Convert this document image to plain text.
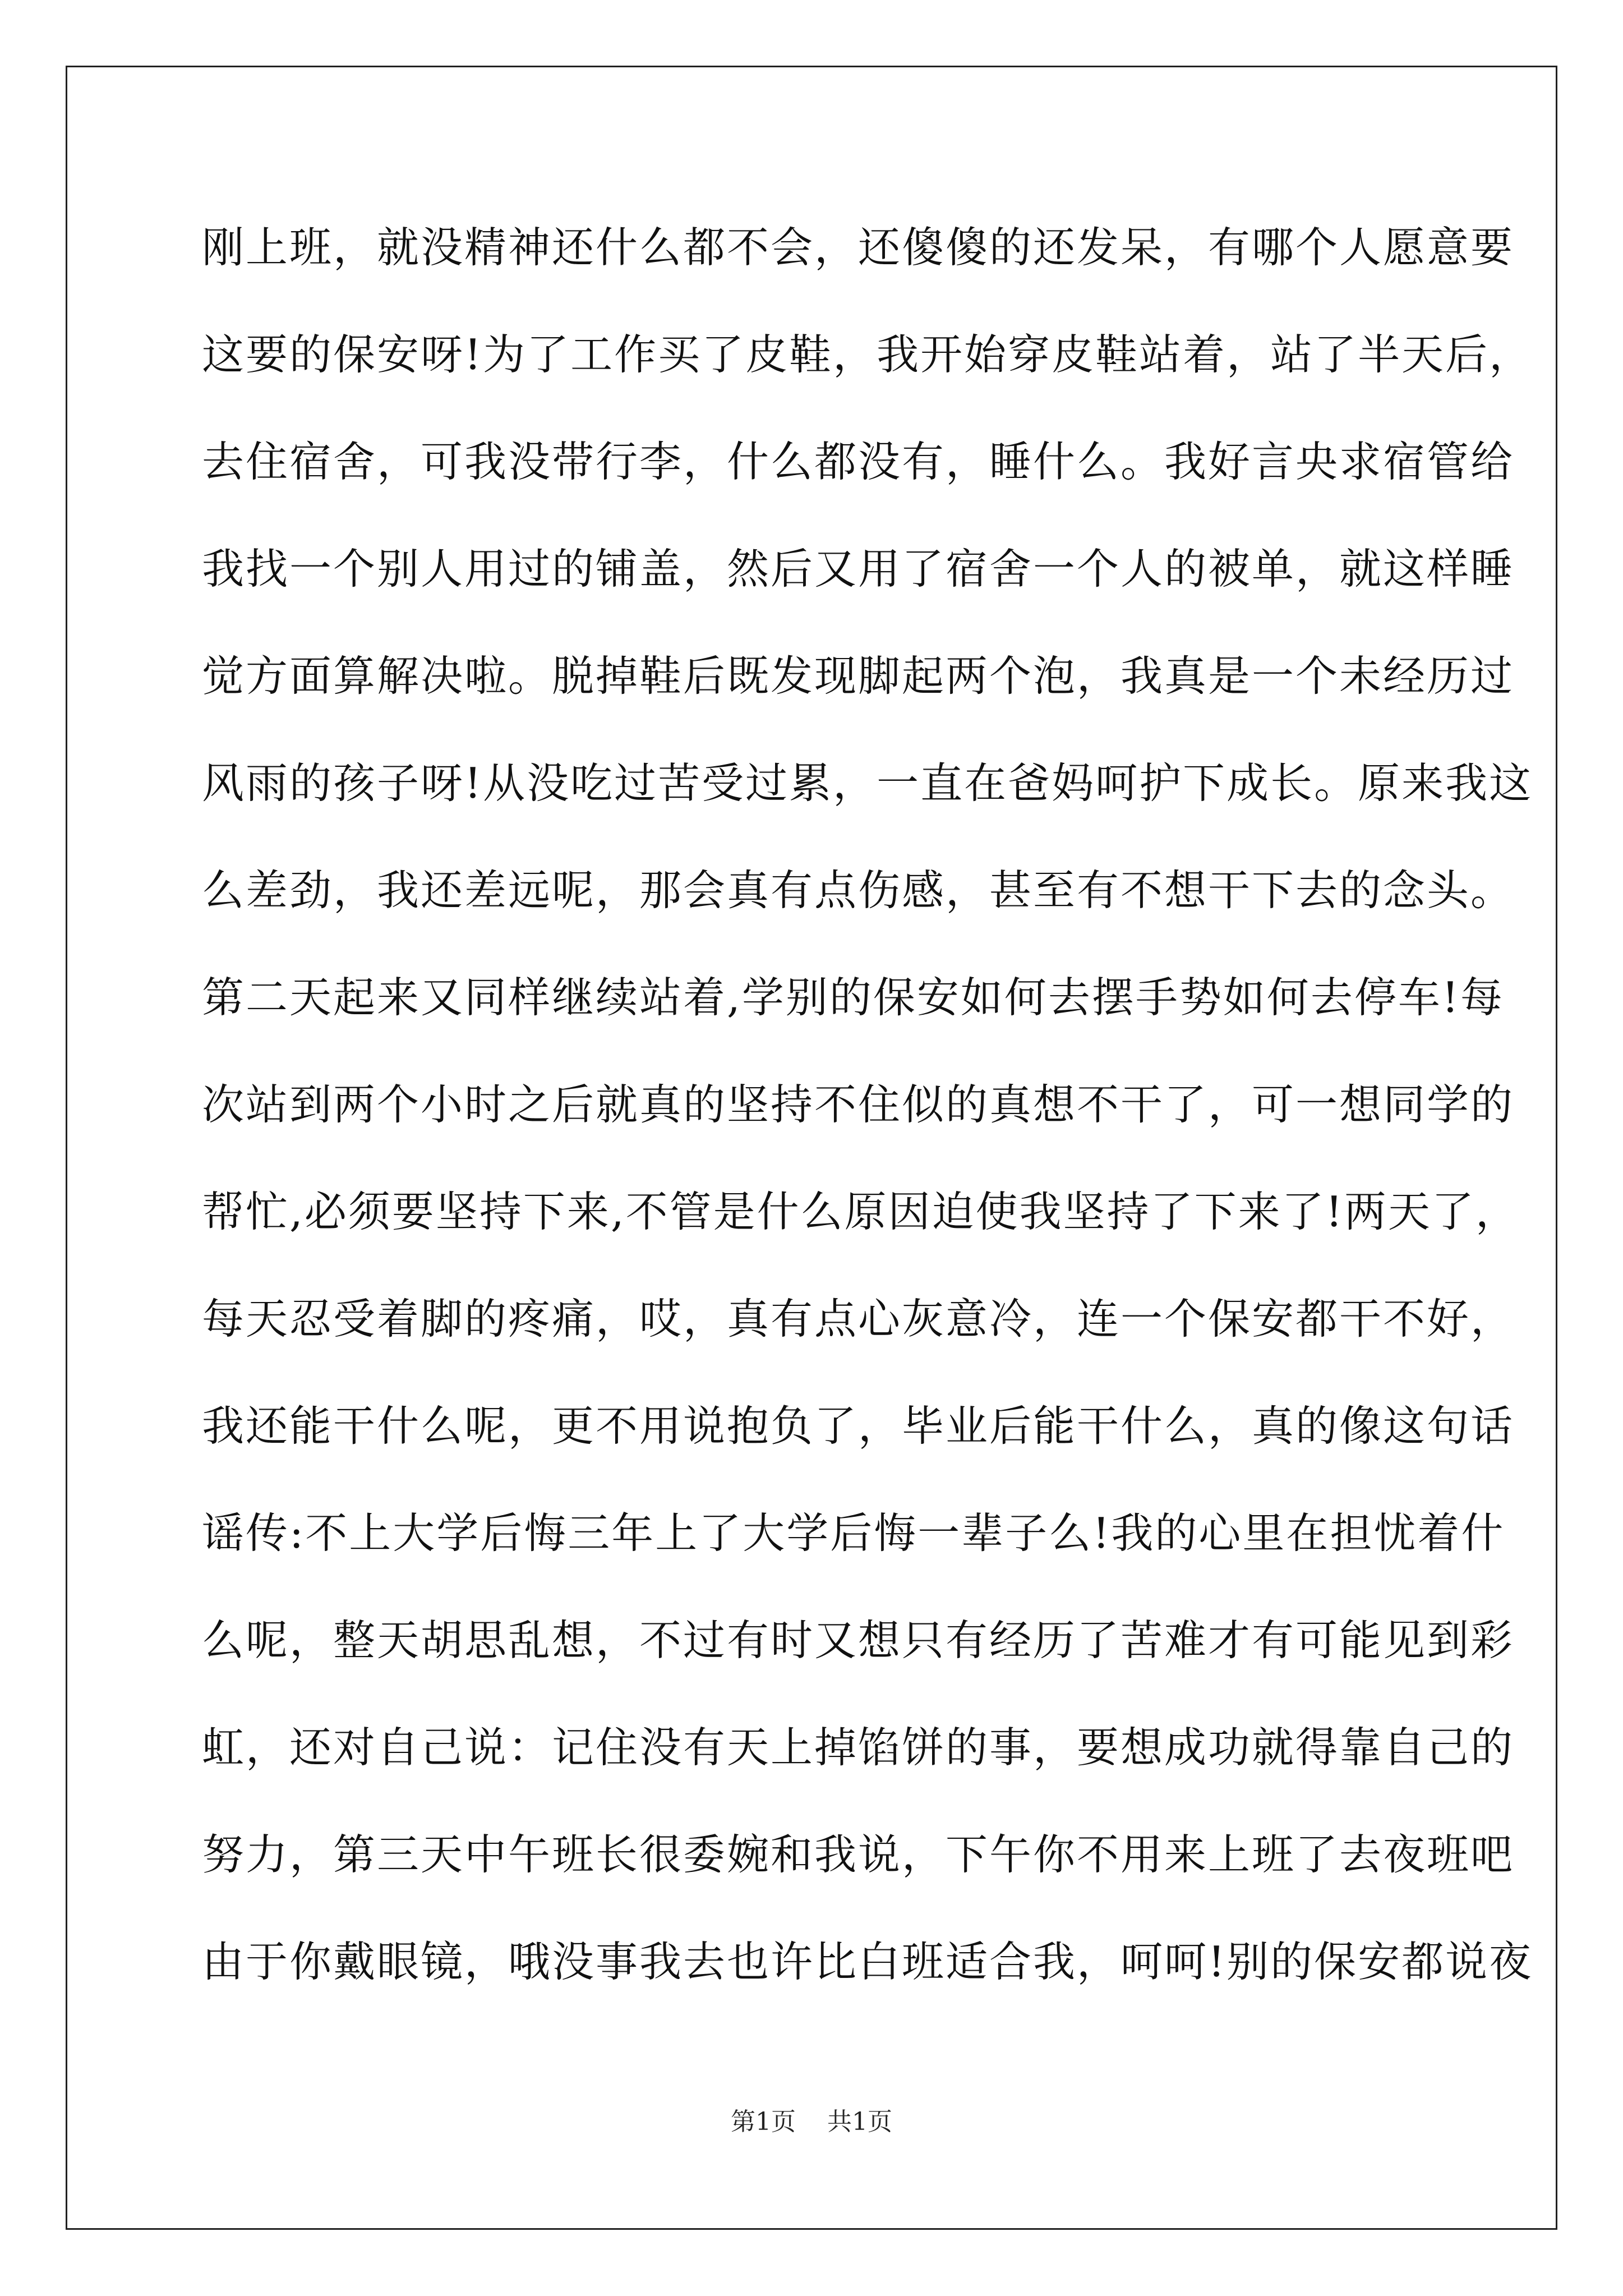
刚上班，就没精神还什么都不会，还傻傻的还发呆，有哪个人愿意要
这要的保安呀!为了工作买了皮鞋，我开始穿皮鞋站着，站了半天后，
去住宿舍，可我没带行李，什么都没有，睡什么。我好言央求宿管给
我找一个别人用过的铺盖，然后又用了宿舍一个人的被单，就这样睡
觉方面算解决啦。脱掉鞋后既发现脚起两个泡，我真是一个未经历过
风雨的孩子呀!从没吃过苦受过累，一直在爸妈呵护下成长。原来我这
么差劲，我还差远呢，那会真有点伤感，甚至有不想干下去的念头。
第二天起来又同样继续站着,学别的保安如何去摆手势如何去停车!每
次站到两个小时之后就真的坚持不住似的真想不干了，可一想同学的
帮忙,必须要坚持下来,不管是什么原因迫使我坚持了下来了!两天了，
每天忍受着脚的疼痛，哎，真有点心灰意冷，连一个保安都干不好，
我还能干什么呢，更不用说抱负了，毕业后能干什么，真的像这句话
谣传:不上大学后悔三年上了大学后悔一辈子么!我的心里在担忧着什
么呢，整天胡思乱想，不过有时又想只有经历了苦难才有可能见到彩
虹，还对自己说：记住没有天上掉馅饼的事，要想成功就得靠自己的
努力，第三天中午班长很委婉和我说，下午你不用来上班了去夜班吧
由于你戴眼镜，哦没事我去也许比白班适合我，呵呵!别的保安都说夜
第1页 共1页
